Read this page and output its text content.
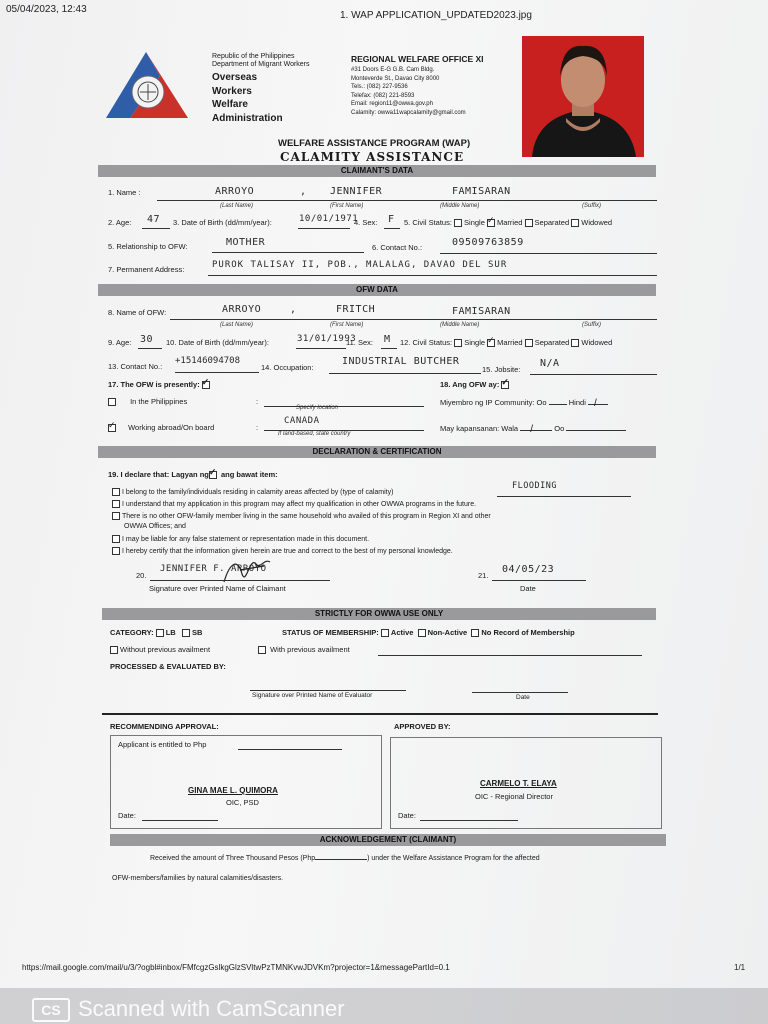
05/04/2023, 12:43
1. WAP APPLICATION_UPDATED2023.jpg
Republic of the Philippines
Department of Migrant Workers
Overseas
Workers
Welfare
Administration
REGIONAL WELFARE OFFICE XI
#31 Doors E-G G.B. Cam Bldg.
Monteverde St., Davao City 8000
Tels.: (082) 227-9536
Telefax: (082) 221-8593
Email: region11@owwa.gov.ph
Calamity: owwa11wapcalamity@gmail.com
WELFARE ASSISTANCE PROGRAM (WAP)
CALAMITY ASSISTANCE
CLAIMANT'S DATA
1. Name :	ARROYO	, JENNIFER	FAMISARAN
(Last Name)	(First Name)	(Middle Name)	(Suffix)
2. Age: 47 3. Date of Birth (dd/mm/year):	10/01/1971
4. Sex: F 5. Civil Status: Single ✓ Married Separated Widowed
5. Relationship to OFW:	MOTHER	6. Contact No.:	09509763859
7. Permanent Address:	PUROK TALISAY II, POB., MALALAG, DAVAO DEL SUR
OFW DATA
8. Name of OFW:	ARROYO	,	FRITCH	FAMISARAN
(Last Name)	(First Name)	(Middle Name)	(Suffix)
9. Age: 30 10. Date of Birth (dd/mm/year):	31/01/1993
11. Sex: M 12. Civil Status: Single ✓ Married Separated Widowed
13. Contact No.:
+15146094708
14. Occupation:
INDUSTRIAL BUTCHER
15. Jobsite:
N/A
17. The OFW is presently: ✓	18. Ang OFW ay: ✓
In the Philippines	:
Specify location
Miyembro ng IP Community: Oo	Hindi /
✓ Working abroad/On board	:
CANADA
If land-based, state country
May kapansanan: Wala /	Oo
DECLARATION & CERTIFICATION
19. I declare that: Lagyan ng ✓ ang bawat item:
I belong to the family/individuals residing in calamity areas affected by (type of calamity)
FLOODING
I understand that my application in this program may affect my qualification in other OWWA programs in the future.
There is no other OFW-family member living in the same household who availed of this program in Region XI and other
OWWA Offices; and
I may be liable for any false statement or representation made in this document.
I hereby certify that the information given herein are true and correct to the best of my personal knowledge.
20.
JENNIFER F. ARROYO
Signature over Printed Name of Claimant
21.
04/05/23
Date
STRICTLY FOR OWWA USE ONLY
CATEGORY: LB SB	STATUS OF MEMBERSHIP: Active Non-Active No Record of Membership
Without previous availment	With previous availment
PROCESSED & EVALUATED BY:
Signature over Printed Name of Evaluator	Date
RECOMMENDING APPROVAL:
Applicant is entitled to Php
GINA MAE L. QUIMORA
OIC, PSD
Date:
APPROVED BY:
CARMELO T. ELAYA
OIC - Regional Director
Date:
ACKNOWLEDGEMENT (CLAIMANT)
Received the amount of Three Thousand Pesos (Php	) under the Welfare Assistance Program for the affected
OFW-members/families by natural calamities/disasters.
https://mail.google.com/mail/u/3/?ogbl#inbox/FMfcgzGslkgGlzSVltwPzTMNKvwJDVKm?projector=1&messagePartId=0.1	1/1
CS Scanned with CamScanner
